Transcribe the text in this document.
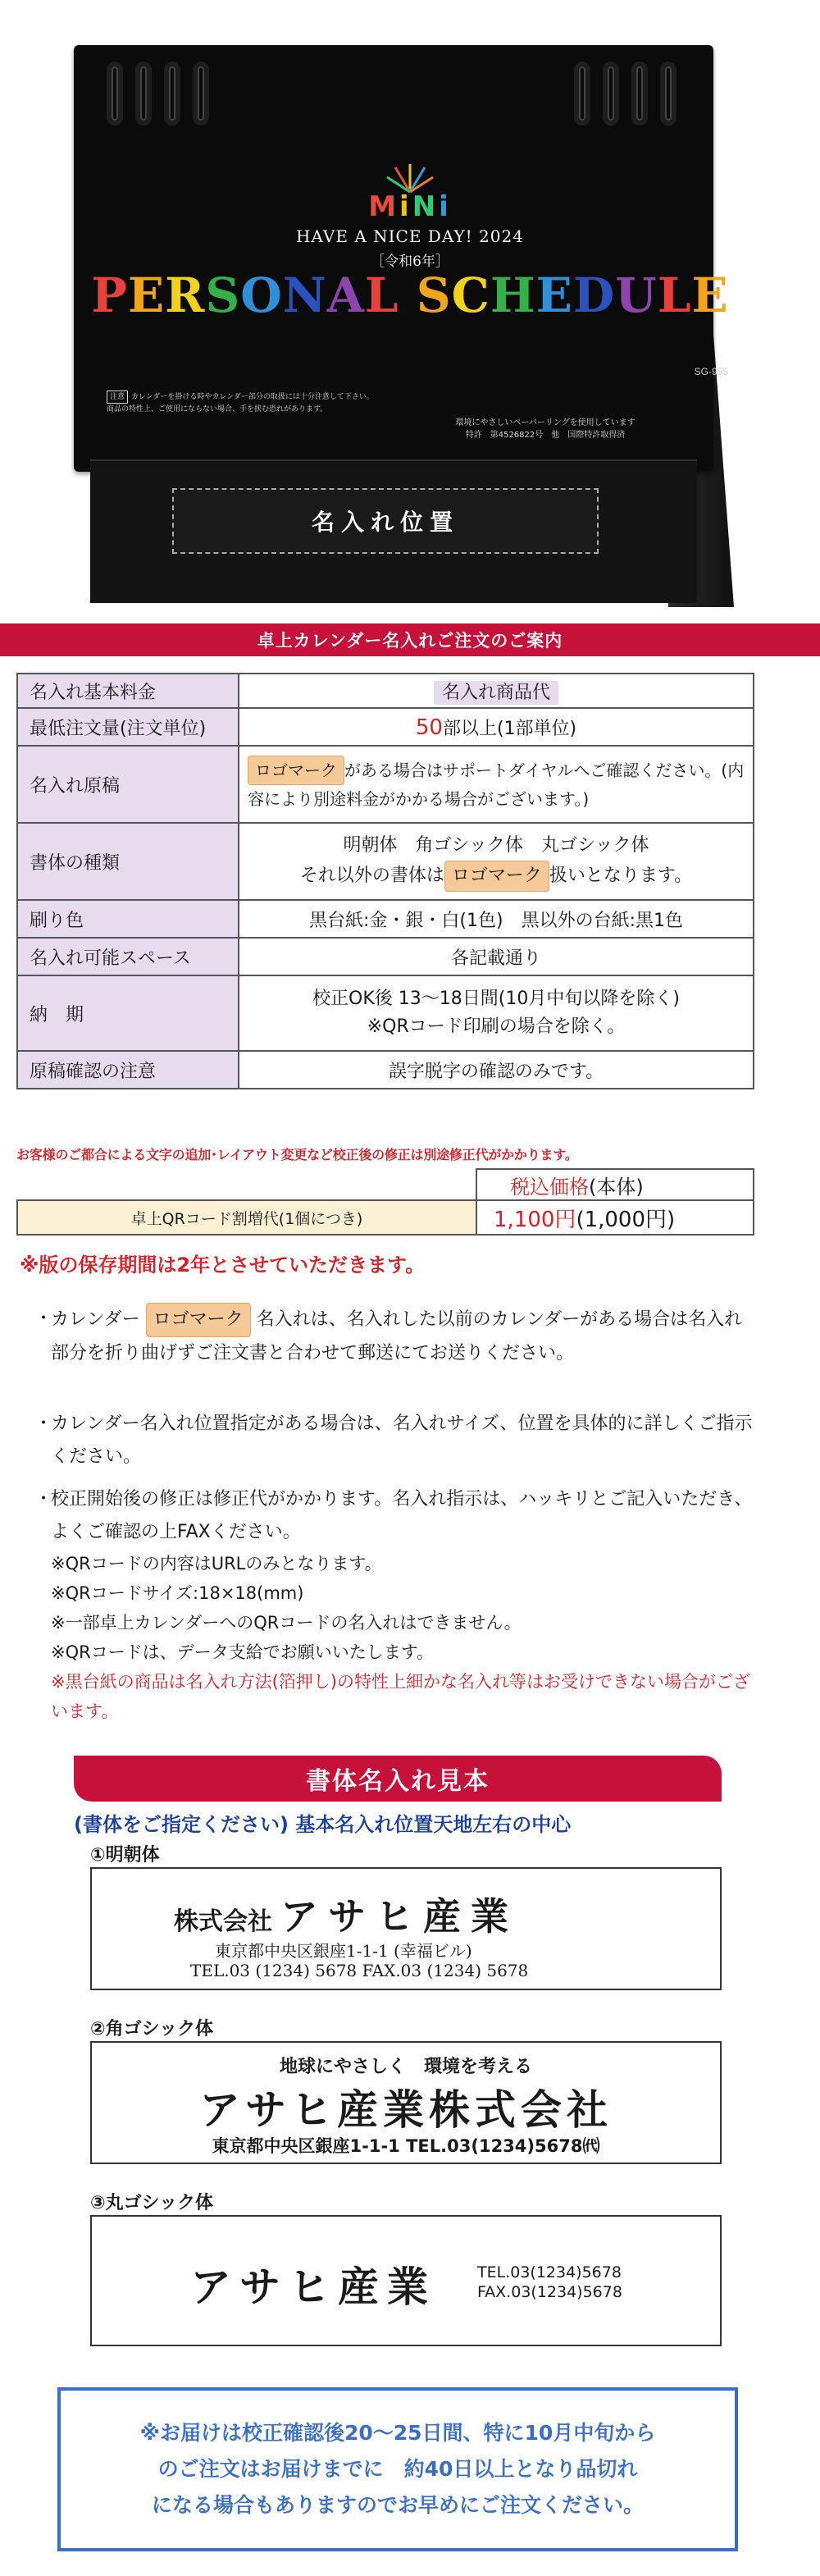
MiNi
HAVE A NICE DAY! 2024
［令和6年］
PERSONAL SCHEDULE
SG-955
注意 カレンダーを掛ける時やカレンダー部分の取扱には十分注意して下さい。 商品の特性上、ご使用にならない場合、手を挟む恐れがあります。
環境にやさしいペーパーリングを使用しています
特許　第4526822号　他　国際特許取得済
名入れ位置
卓上カレンダー名入れご注文のご案内
名入れ基本料金	名入れ商品代
最低注文量(注文単位)	50部以上(1部単位)
名入れ原稿	ロゴマーク がある場合はサポートダイヤルへご確認ください。(内容により別途料金がかかる場合がございます。)
書体の種類	明朝体　角ゴシック体　丸ゴシック体
それ以外の書体は ロゴマーク 扱いとなります。

刷り色	黒台紙:金・銀・白(1色)　黒以外の台紙:黒1色
名入れ可能スペース	各記載通り
納　期	校正OK後 13～18日間(10月中旬以降を除く)
※QRコード印刷の場合を除く。

原稿確認の注意	誤字脱字の確認のみです。
お客様のご都合による文字の追加･レイアウト変更など校正後の修正は別途修正代がかかります。
税込価格 (本体)
卓上QRコード割増代(1個につき)	1,100円 (1,000円)
※版の保存期間は2年とさせていただきます。
・
カレンダー ロゴマーク 名入れは、名入れした以前のカレンダーがある場合は名入れ部分を折り曲げずご注文書と合わせて郵送にてお送りください。
・
カレンダー名入れ位置指定がある場合は、名入れサイズ、位置を具体的に詳しくご指示ください。
・
校正開始後の修正は修正代がかかります。名入れ指示は、ハッキリとご記入いただき、よくご確認の上FAXください。
※QRコードの内容はURLのみとなります。
※QRコードサイズ:18×18(mm)
※一部卓上カレンダーへのQRコードの名入れはできません。
※QRコードは、データ支給でお願いいたします。
※黒台紙の商品は名入れ方法(箔押し)の特性上細かな名入れ等はお受けできない場合がございます。
書体名入れ見本
(書体をご指定ください) 基本名入れ位置天地左右の中心
①明朝体
株式会社 アサヒ産業
東京都中央区銀座1-1-1 (幸福ビル)
TEL.03 (1234) 5678 FAX.03 (1234) 5678
②角ゴシック体
地球にやさしく　環境を考える
アサヒ産業株式会社
東京都中央区銀座1-1-1 TEL.03(1234)5678㈹
③丸ゴシック体
アサヒ産業	TEL.03(1234)5678
FAX.03(1234)5678

※お届けは校正確認後20～25日間、特に10月中旬から
のご注文はお届けまでに　約40日以上となり品切れ
になる場合もありますのでお早めにご注文ください。
